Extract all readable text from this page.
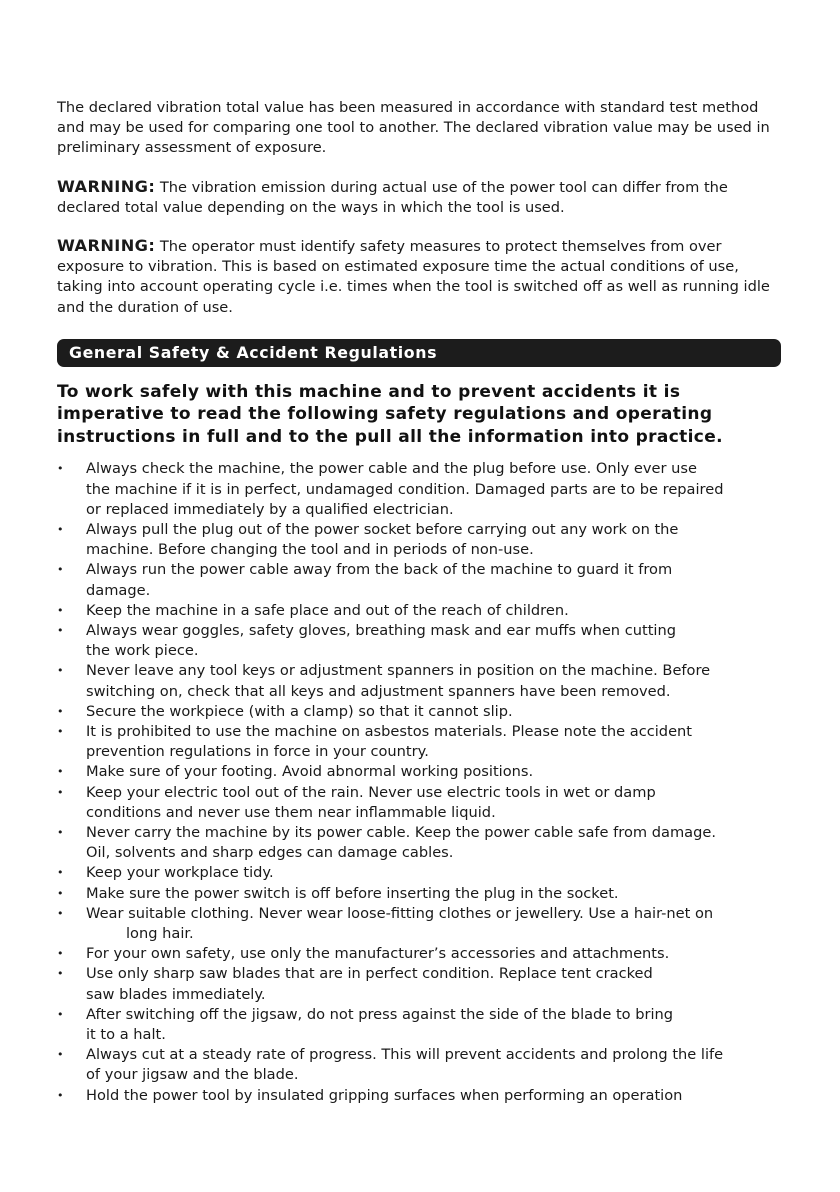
The declared vibration total value has been measured in accordance with standard test method and may be used for comparing one tool to another. The declared vibration value may be used in preliminary assessment of exposure.

WARNING: The vibration emission during actual use of the power tool can differ from the declared total value depending on the ways in which the tool is used.

WARNING: The operator must identify safety measures to protect themselves from over exposure to vibration. This is based on estimated exposure time the actual conditions of use, taking into account operating cycle i.e. times when the tool is switched off as well as running idle and the duration of use.

General Safety & Accident Regulations
To work safely with this machine and to prevent accidents it is imperative to read the following safety regulations and operating instructions in full and to the pull all the information into practice.
• Always check the machine, the power cable and the plug before use. Only ever use
the machine if it is in perfect, undamaged condition. Damaged parts are to be repaired
or replaced immediately by a qualified electrician.
• Always pull the plug out of the power socket before carrying out any work on the
machine. Before changing the tool and in periods of non-use.
• Always run the power cable away from the back of the machine to guard it from
damage.
• Keep the machine in a safe place and out of the reach of children.
• Always wear goggles, safety gloves, breathing mask and ear muffs when cutting
the work piece.
• Never leave any tool keys or adjustment spanners in position on the machine. Before
switching on, check that all keys and adjustment spanners have been removed.
• Secure the workpiece (with a clamp) so that it cannot slip.
• It is prohibited to use the machine on asbestos materials. Please note the accident
prevention regulations in force in your country.
• Make sure of your footing. Avoid abnormal working positions.
• Keep your electric tool out of the rain. Never use electric tools in wet or damp
conditions and never use them near inflammable liquid.
• Never carry the machine by its power cable. Keep the power cable safe from damage.
Oil, solvents and sharp edges can damage cables.
• Keep your workplace tidy.
• Make sure the power switch is off before inserting the plug in the socket.
• Wear suitable clothing. Never wear loose-fitting clothes or jewellery. Use a hair-net on
long hair.
• For your own safety, use only the manufacturer’s accessories and attachments.
• Use only sharp saw blades that are in perfect condition. Replace tent cracked
saw blades immediately.
• After switching off the jigsaw, do not press against the side of the blade to bring
it to a halt.
• Always cut at a steady rate of progress. This will prevent accidents and prolong the life
of your jigsaw and the blade.
• Hold the power tool by insulated gripping surfaces when performing an operation
